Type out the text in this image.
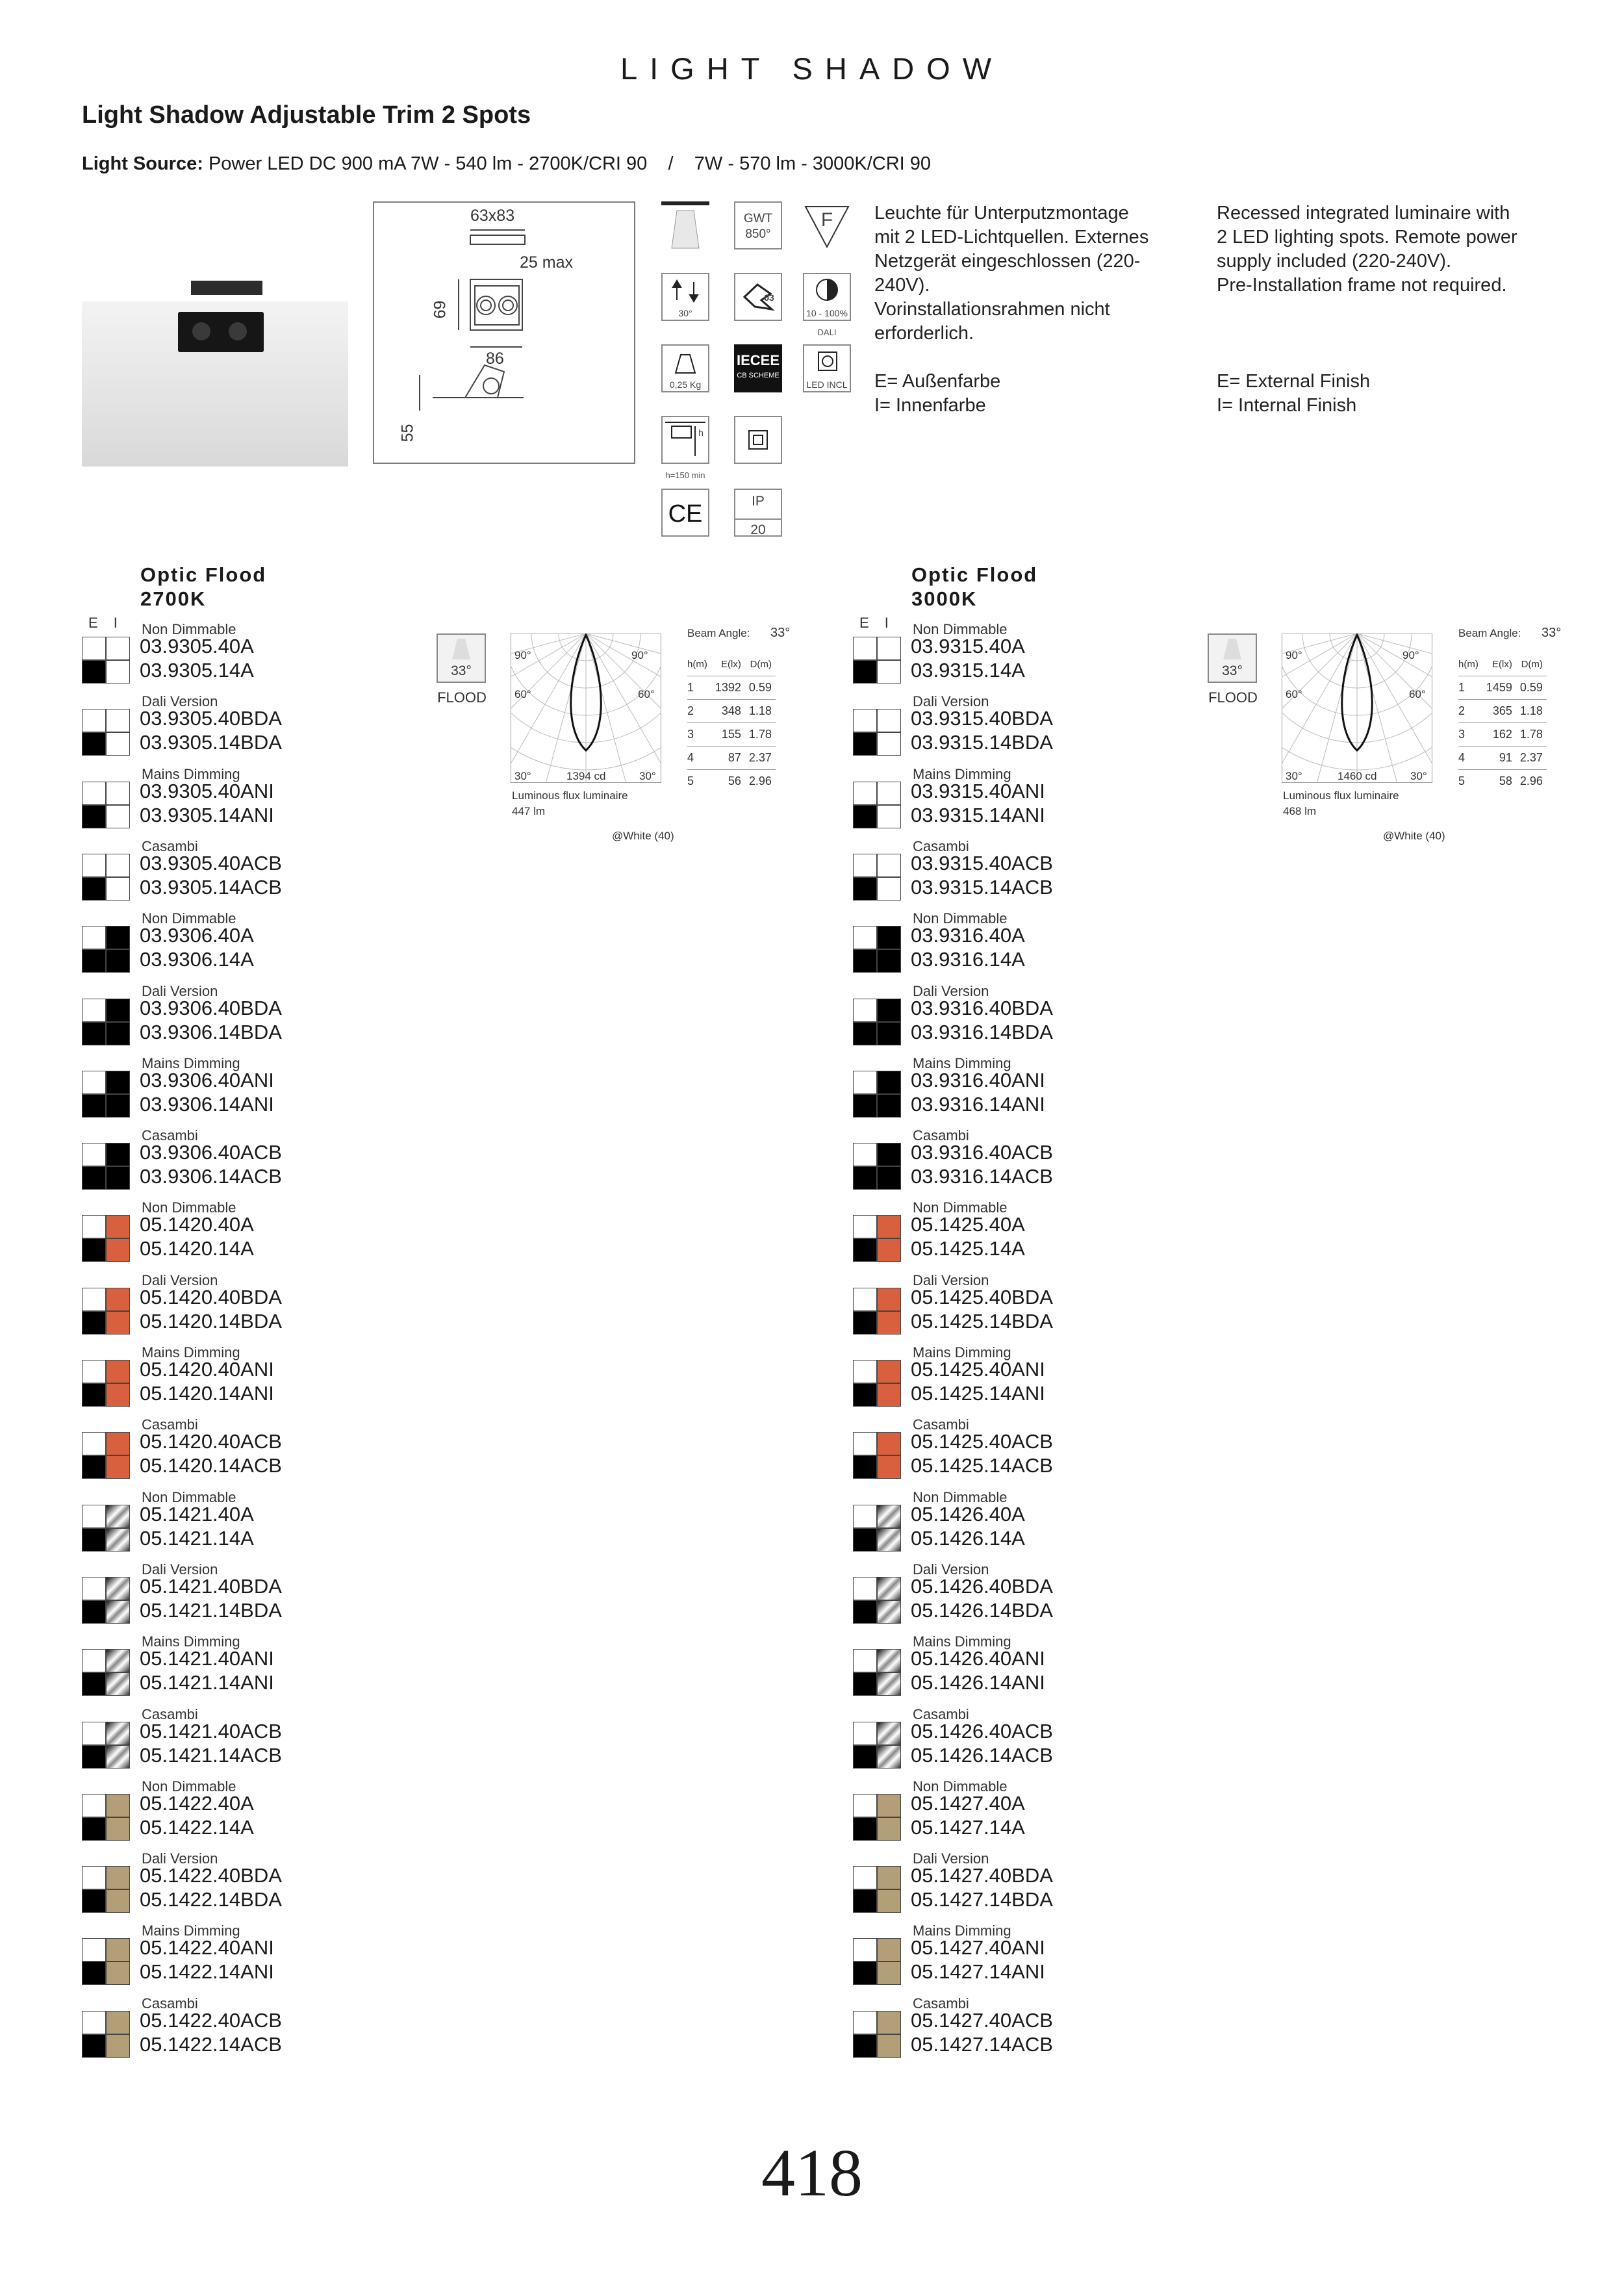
LIGHT SHADOW
Light Shadow Adjustable Trim 2 Spots
Light Source: Power LED DC 900 mA 7W - 540 lm - 2700K/CRI 90    /    7W - 570 lm - 3000K/CRI 90
63x83
25 max
69
86
55
GWT
850°
F
30°
03
10 - 100%
DALI
0,25 Kg
IECEE
CB SCHEME
LED INCL
h
h=150 min
CE	IP
20
Leuchte für Unterputzmontage
mit 2 LED-Lichtquellen. Externes
Netzgerät eingeschlossen (220-
240V).
Vorinstallationsrahmen nicht
erforderlich.
E= Außenfarbe
I= Innenfarbe
Recessed integrated luminaire with
2 LED lighting spots. Remote power
supply included (220-240V).
Pre-Installation frame not required.
E= External Finish
I= Internal Finish
Optic Flood
2700K
E I
33°
FLOOD
90°	90°
60°	60°
30°	30°
1394 cd
Luminous flux luminaire
447 lm
@White (40)
Beam Angle: 33°
h(m)	E(lx)	D(m)
1	1392	0.59
2	348	1.18
3	155	1.78
4	87	2.37
5	56	2.96
Non Dimmable
03.9305.40A
03.9305.14A
Dali Version
03.9305.40BDA
03.9305.14BDA
Mains Dimming
03.9305.40ANI
03.9305.14ANI
Casambi
03.9305.40ACB
03.9305.14ACB
Non Dimmable
03.9306.40A
03.9306.14A
Dali Version
03.9306.40BDA
03.9306.14BDA
Mains Dimming
03.9306.40ANI
03.9306.14ANI
Casambi
03.9306.40ACB
03.9306.14ACB
Non Dimmable
05.1420.40A
05.1420.14A
Dali Version
05.1420.40BDA
05.1420.14BDA
Mains Dimming
05.1420.40ANI
05.1420.14ANI
Casambi
05.1420.40ACB
05.1420.14ACB
Non Dimmable
05.1421.40A
05.1421.14A
Dali Version
05.1421.40BDA
05.1421.14BDA
Mains Dimming
05.1421.40ANI
05.1421.14ANI
Casambi
05.1421.40ACB
05.1421.14ACB
Non Dimmable
05.1422.40A
05.1422.14A
Dali Version
05.1422.40BDA
05.1422.14BDA
Mains Dimming
05.1422.40ANI
05.1422.14ANI
Casambi
05.1422.40ACB
05.1422.14ACB
Optic Flood
3000K
E I
33°
FLOOD
90°	90°
60°	60°
30°	30°
1460 cd
Luminous flux luminaire
468 lm
@White (40)
Beam Angle: 33°
h(m)	E(lx)	D(m)
1	1459	0.59
2	365	1.18
3	162	1.78
4	91	2.37
5	58	2.96
Non Dimmable
03.9315.40A
03.9315.14A
Dali Version
03.9315.40BDA
03.9315.14BDA
Mains Dimming
03.9315.40ANI
03.9315.14ANI
Casambi
03.9315.40ACB
03.9315.14ACB
Non Dimmable
03.9316.40A
03.9316.14A
Dali Version
03.9316.40BDA
03.9316.14BDA
Mains Dimming
03.9316.40ANI
03.9316.14ANI
Casambi
03.9316.40ACB
03.9316.14ACB
Non Dimmable
05.1425.40A
05.1425.14A
Dali Version
05.1425.40BDA
05.1425.14BDA
Mains Dimming
05.1425.40ANI
05.1425.14ANI
Casambi
05.1425.40ACB
05.1425.14ACB
Non Dimmable
05.1426.40A
05.1426.14A
Dali Version
05.1426.40BDA
05.1426.14BDA
Mains Dimming
05.1426.40ANI
05.1426.14ANI
Casambi
05.1426.40ACB
05.1426.14ACB
Non Dimmable
05.1427.40A
05.1427.14A
Dali Version
05.1427.40BDA
05.1427.14BDA
Mains Dimming
05.1427.40ANI
05.1427.14ANI
Casambi
05.1427.40ACB
05.1427.14ACB
418
